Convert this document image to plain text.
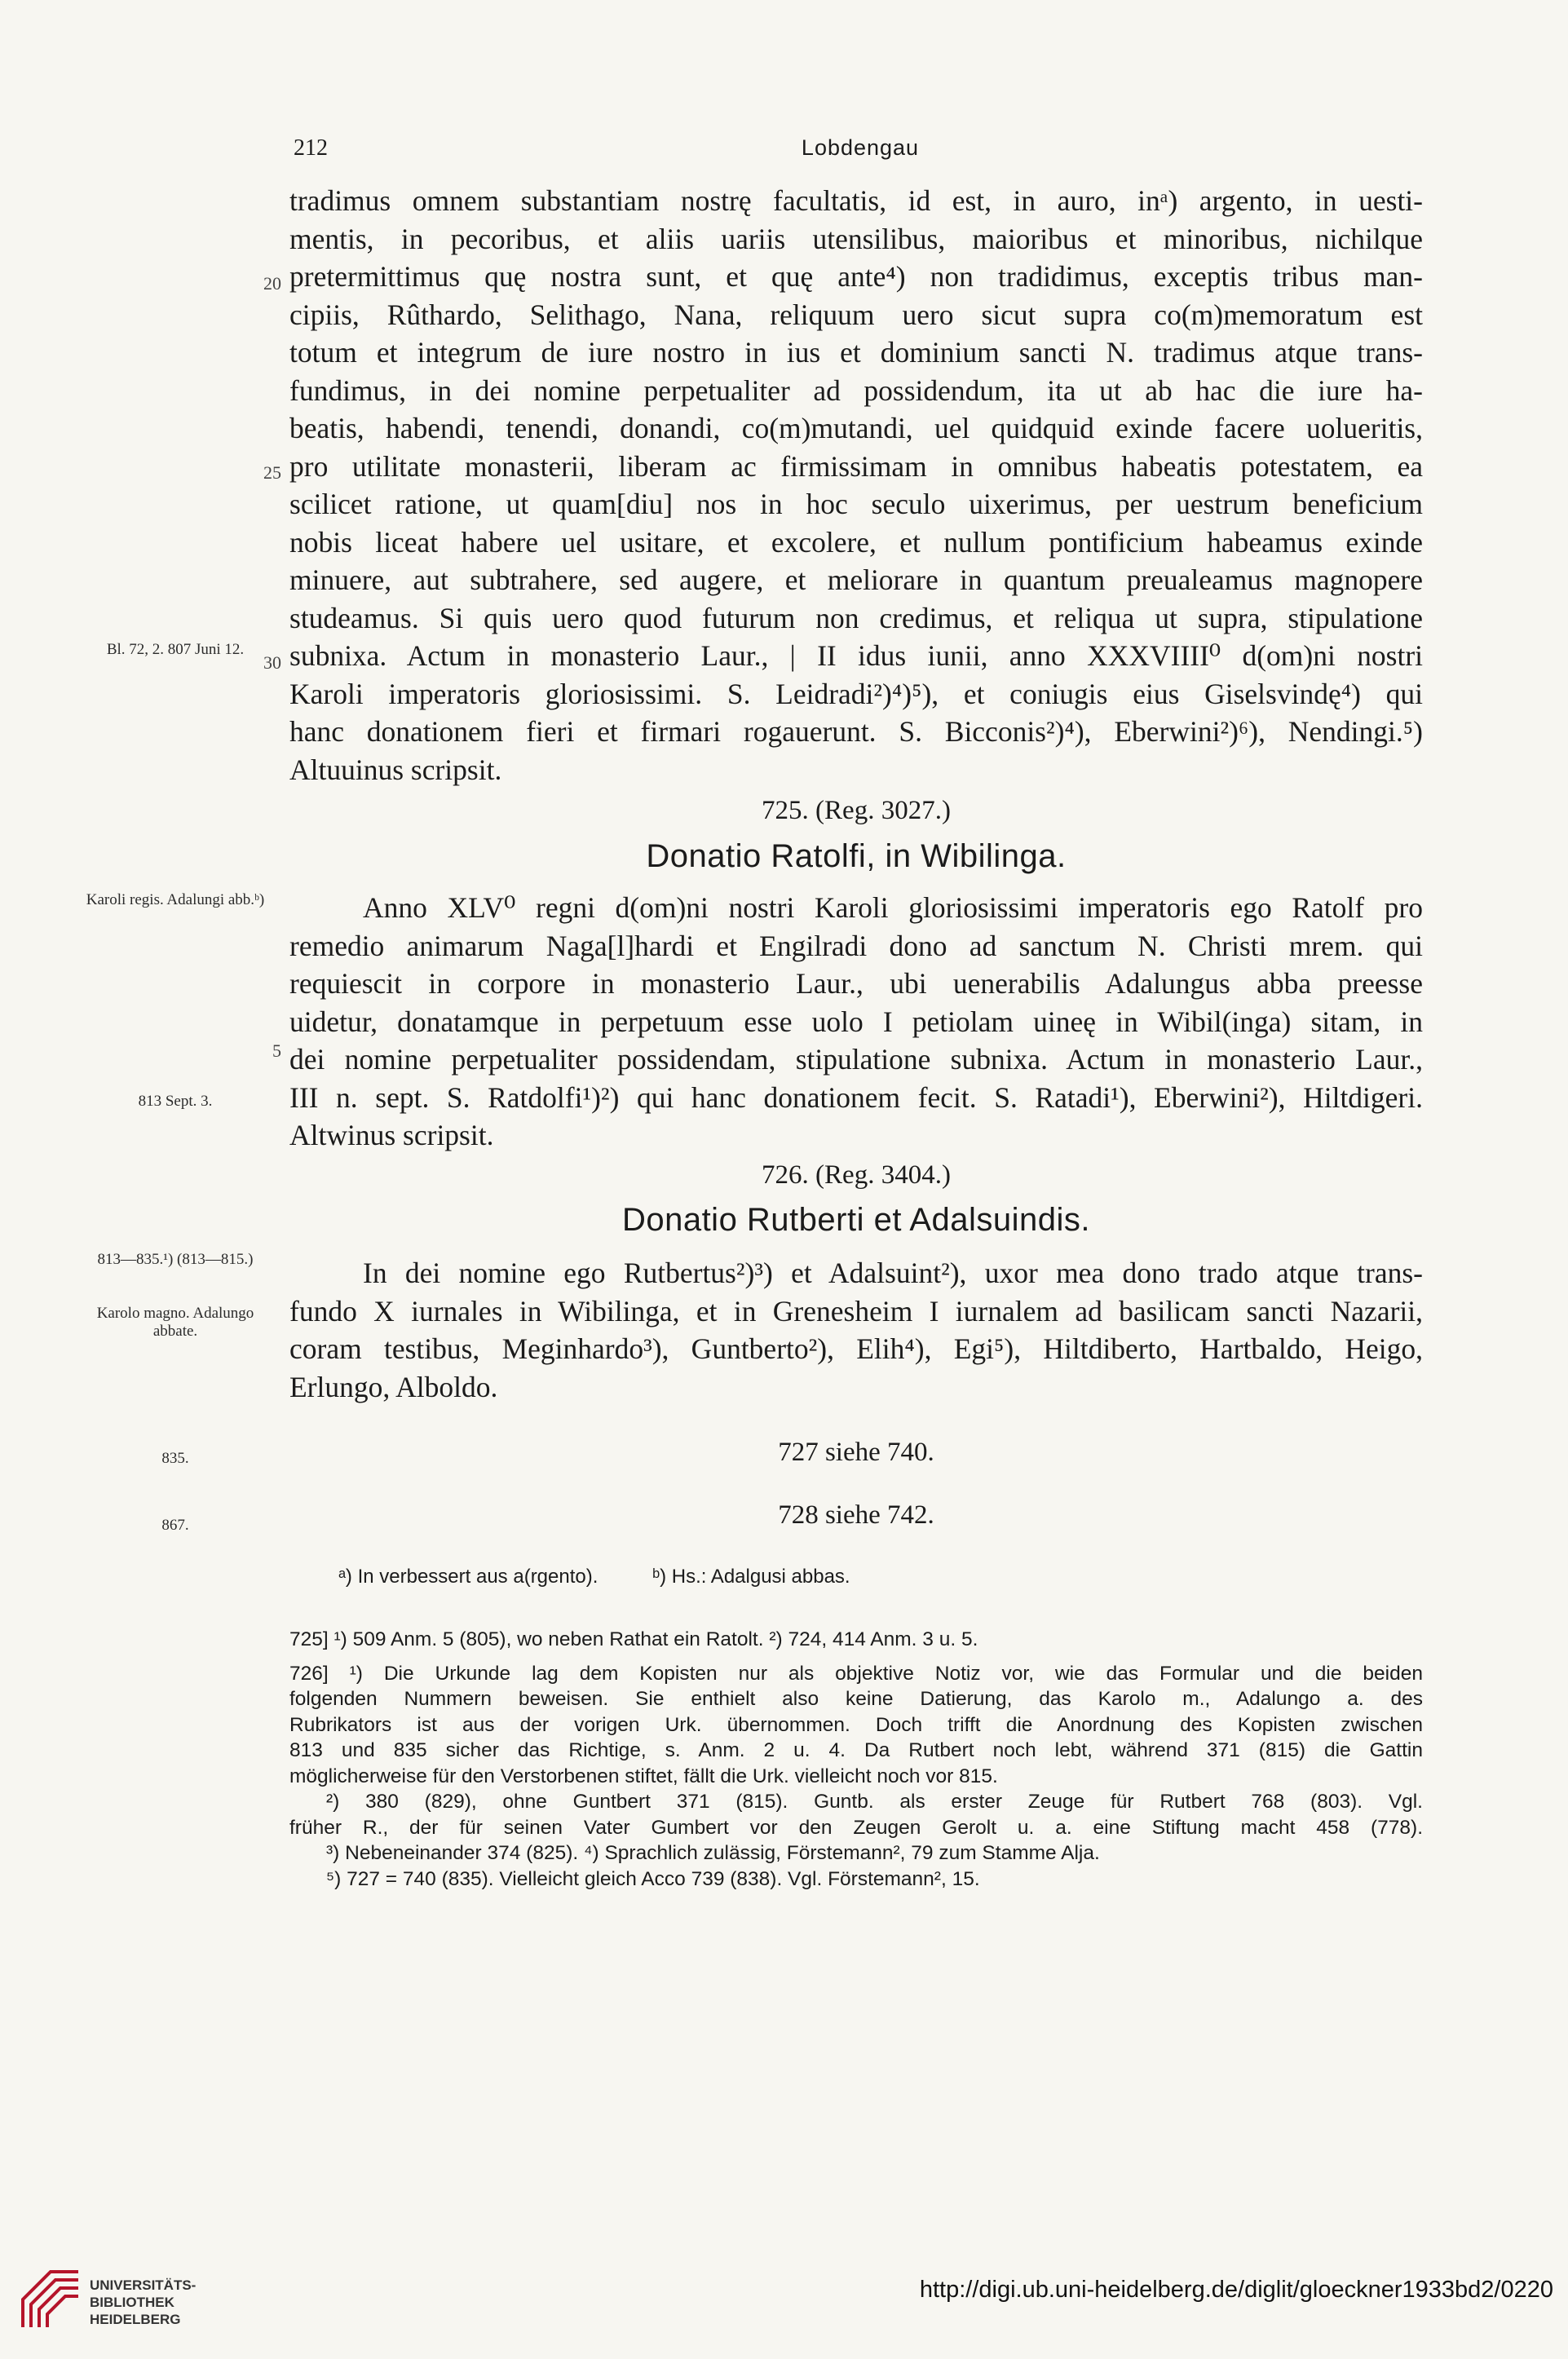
212	Lobdengau
tradimus omnem substantiam nostrę facultatis, id est, in auro, inᵃ) argento, in uesti-
mentis, in pecoribus, et aliis uariis utensilibus, maioribus et minoribus, nichilque
pretermittimus quę nostra sunt, et quę ante⁴) non tradidimus, exceptis tribus man-
cipiis, Rûthardo, Selithago, Nana, reliquum uero sicut supra co(m)memoratum est
totum et integrum de iure nostro in ius et dominium sancti N. tradimus atque trans-
fundimus, in dei nomine perpetualiter ad possidendum, ita ut ab hac die iure ha-
beatis, habendi, tenendi, donandi, co(m)mutandi, uel quidquid exinde facere uolueritis,
pro utilitate monasterii, liberam ac firmissimam in omnibus habeatis potestatem, ea
scilicet ratione, ut quam[diu] nos in hoc seculo uixerimus, per uestrum beneficium
nobis liceat habere uel usitare, et excolere, et nullum pontificium habeamus exinde
minuere, aut subtrahere, sed augere, et meliorare in quantum preualeamus magnopere
studeamus. Si quis uero quod futurum non credimus, et reliqua ut supra, stipulatione
subnixa. Actum in monasterio Laur., | II idus iunii, anno XXXVIIII⁰ d(om)ni nostri
Karoli imperatoris gloriosissimi. S. Leidradi²)⁴)⁵), et coniugis eius Giselsvindę⁴) qui
hanc donationem fieri et firmari rogauerunt. S. Bicconis²)⁴), Eberwini²)⁶), Nendingi.⁵)
Altuuinus scripsit.
20
25
30
Bl. 72, 2. 807 Juni 12.
725. (Reg. 3027.)
Donatio Ratolfi, in Wibilinga.
Karoli regis. Adalungi abb.ᵇ)
813 Sept. 3.
Anno XLV⁰ regni d(om)ni nostri Karoli gloriosissimi imperatoris ego Ratolf pro
remedio animarum Naga[l]hardi et Engilradi dono ad sanctum N. Christi mrem. qui
requiescit in corpore in monasterio Laur., ubi uenerabilis Adalungus abba preesse
uidetur, donatamque in perpetuum esse uolo I petiolam uineę in Wibil(inga) sitam, in
dei nomine perpetualiter possidendam, stipulatione subnixa. Actum in monasterio Laur.,
III n. sept. S. Ratdolfi¹)²) qui hanc donationem fecit. S. Ratadi¹), Eberwini²), Hiltdigeri.
Altwinus scripsit.
5
726. (Reg. 3404.)
Donatio Rutberti et Adalsuindis.
813—835.¹) (813—815.)
Karolo magno. Adalungo abbate.
In dei nomine ego Rutbertus²)³) et Adalsuint²), uxor mea dono trado atque trans-
fundo X iurnales in Wibilinga, et in Grenesheim I iurnalem ad basilicam sancti Nazarii,
coram testibus, Meginhardo³), Guntberto²), Elih⁴), Egi⁵), Hiltdiberto, Hartbaldo, Heigo,
Erlungo, Alboldo.
727 siehe 740.
835.
728 siehe 742.
867.
ᵃ) In verbessert aus a(rgento).	ᵇ) Hs.: Adalgusi abbas.
725] ¹) 509 Anm. 5 (805), wo neben Rathat ein Ratolt. ²) 724, 414 Anm. 3 u. 5.
726] ¹) Die Urkunde lag dem Kopisten nur als objektive Notiz vor, wie das Formular und die beiden
folgenden Nummern beweisen. Sie enthielt also keine Datierung, das Karolo m., Adalungo a. des
Rubrikators ist aus der vorigen Urk. übernommen. Doch trifft die Anordnung des Kopisten zwischen
813 und 835 sicher das Richtige, s. Anm. 2 u. 4. Da Rutbert noch lebt, während 371 (815) die Gattin
möglicherweise für den Verstorbenen stiftet, fällt die Urk. vielleicht noch vor 815.
²) 380 (829), ohne Guntbert 371 (815). Guntb. als erster Zeuge für Rutbert 768 (803). Vgl.
früher R., der für seinen Vater Gumbert vor den Zeugen Gerolt u. a. eine Stiftung macht 458 (778).
³) Nebeneinander 374 (825). ⁴) Sprachlich zulässig, Förstemann², 79 zum Stamme Alja.
⁵) 727 = 740 (835). Vielleicht gleich Acco 739 (838). Vgl. Förstemann², 15.
UNIVERSITÄTS-
BIBLIOTHEK
HEIDELBERG
http://digi.ub.uni-heidelberg.de/diglit/gloeckner1933bd2/0220
